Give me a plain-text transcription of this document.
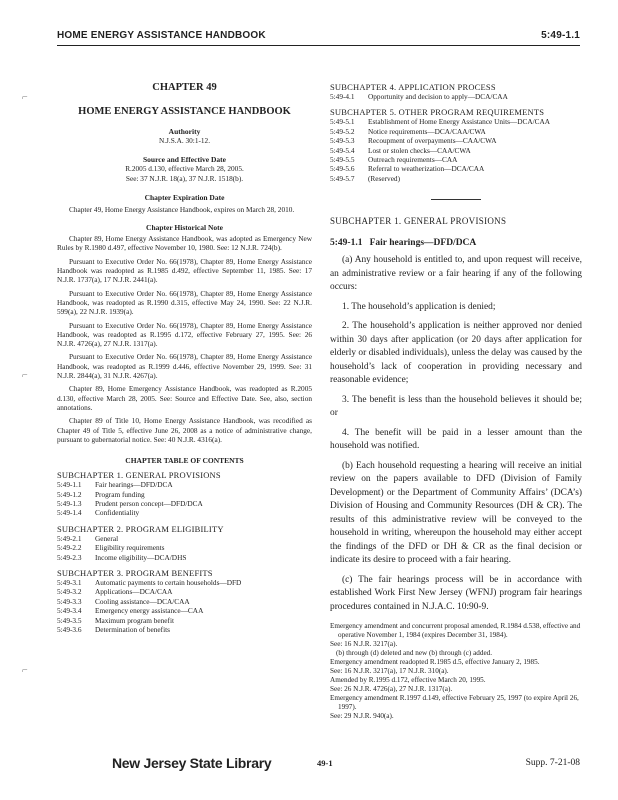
HOME ENERGY ASSISTANCE HANDBOOK	5:49-1.1
⌐
⌐
⌐

CHAPTER 49

HOME ENERGY ASSISTANCE HANDBOOK

Authority

N.J.S.A. 30:1-12.

Source and Effective Date

R.2005 d.130, effective March 28, 2005.

See: 37 N.J.R. 18(a), 37 N.J.R. 1518(b).

Chapter Expiration Date

Chapter 49, Home Energy Assistance Handbook, expires on March 28, 2010.

Chapter Historical Note

Chapter 89, Home Energy Assistance Handbook, was adopted as Emergency New Rules by R.1980 d.497, effective November 10, 1980. See: 12 N.J.R. 724(b).

Pursuant to Executive Order No. 66(1978), Chapter 89, Home Energy Assistance Handbook was readopted as R.1985 d.492, effective September 11, 1985. See: 17 N.J.R. 1737(a), 17 N.J.R. 2441(a).

Pursuant to Executive Order No. 66(1978), Chapter 89, Home Energy Assistance Handbook, was readopted as R.1990 d.315, effective May 24, 1990. See: 22 N.J.R. 599(a), 22 N.J.R. 1939(a).

Pursuant to Executive Order No. 66(1978), Chapter 89, Home Energy Assistance Handbook, was readopted as R.1995 d.172, effective February 27, 1995. See: 26 N.J.R. 4726(a), 27 N.J.R. 1317(a).

Pursuant to Executive Order No. 66(1978), Chapter 89, Home Energy Assistance Handbook, was readopted as R.1999 d.446, effective November 29, 1999. See: 31 N.J.R. 2844(a), 31 N.J.R. 4267(a).

Chapter 89, Home Emergency Assistance Handbook, was readopted as R.2005 d.130, effective March 28, 2005. See: Source and Effective Date. See, also, section annotations.

Chapter 89 of Title 10, Home Energy Assistance Handbook, was recodified as Chapter 49 of Title 5, effective June 26, 2008 as a notice of administrative change, pursuant to gubernatorial notice. See: 40 N.J.R. 4316(a).

CHAPTER TABLE OF CONTENTS

SUBCHAPTER 1. GENERAL PROVISIONS

5:49-1.1	Fair hearings—DFD/DCA
5:49-1.2	Program funding
5:49-1.3	Prudent person concept—DFD/DCA
5:49-1.4	Confidentiality

SUBCHAPTER 2. PROGRAM ELIGIBILITY

5:49-2.1	General
5:49-2.2	Eligibility requirements
5:49-2.3	Income eligibility—DCA/DHS

SUBCHAPTER 3. PROGRAM BENEFITS

5:49-3.1	Automatic payments to certain households—DFD
5:49-3.2	Applications—DCA/CAA
5:49-3.3	Cooling assistance—DCA/CAA
5:49-3.4	Emergency energy assistance—CAA
5:49-3.5	Maximum program benefit
5:49-3.6	Determination of benefits

SUBCHAPTER 4. APPLICATION PROCESS

5:49-4.1	Opportunity and decision to apply—DCA/CAA

SUBCHAPTER 5. OTHER PROGRAM REQUIREMENTS

5:49-5.1	Establishment of Home Energy Assistance Units—DCA/CAA
5:49-5.2	Notice requirements—DCA/CAA/CWA
5:49-5.3	Recoupment of overpayments—CAA/CWA
5:49-5.4	Lost or stolen checks—CAA/CWA
5:49-5.5	Outreach requirements—CAA
5:49-5.6	Referral to weatherization—DCA/CAA
5:49-5.7	(Reserved)

SUBCHAPTER 1. GENERAL PROVISIONS

5:49-1.1 Fair hearings—DFD/DCA

(a) Any household is entitled to, and upon request will receive, an administrative review or a fair hearing if any of the following occurs:

1. The household’s application is denied;

2. The household’s application is neither approved nor denied within 30 days after application (or 20 days after application for elderly or disabled individuals), unless the delay was caused by the household’s lack of cooperation in providing necessary and reasonable evidence;

3. The benefit is less than the household believes it should be; or

4. The benefit will be paid in a lesser amount than the household was notified.

(b) Each household requesting a hearing will receive an initial review on the papers available to DFD (Division of Family Development) or the Department of Community Affairs’ (DCA’s) Division of Housing and Community Resources (DH & CR). The results of this administrative review will be conveyed to the household in writing, whereupon the household may either accept the findings of the DFD or DH & CR as the final decision or indicate its desire to proceed with a fair hearing.

(c) The fair hearings process will be in accordance with established Work First New Jersey (WFNJ) program fair hearings procedures contained in N.J.A.C. 10:90-9.

Emergency amendment and concurrent proposal amended, R.1984 d.538, effective and operative November 1, 1984 (expires December 31, 1984).
See: 16 N.J.R. 3217(a).
(b) through (d) deleted and new (b) through (c) added.
Emergency amendment readopted R.1985 d.5, effective January 2, 1985.
See: 16 N.J.R. 3217(a), 17 N.J.R. 310(a).
Amended by R.1995 d.172, effective March 20, 1995.
See: 26 N.J.R. 4726(a), 27 N.J.R. 1317(a).
Emergency amendment R.1997 d.149, effective February 25, 1997 (to expire April 26, 1997).
See: 29 N.J.R. 940(a).
New Jersey State Library	49-1	Supp. 7-21-08
